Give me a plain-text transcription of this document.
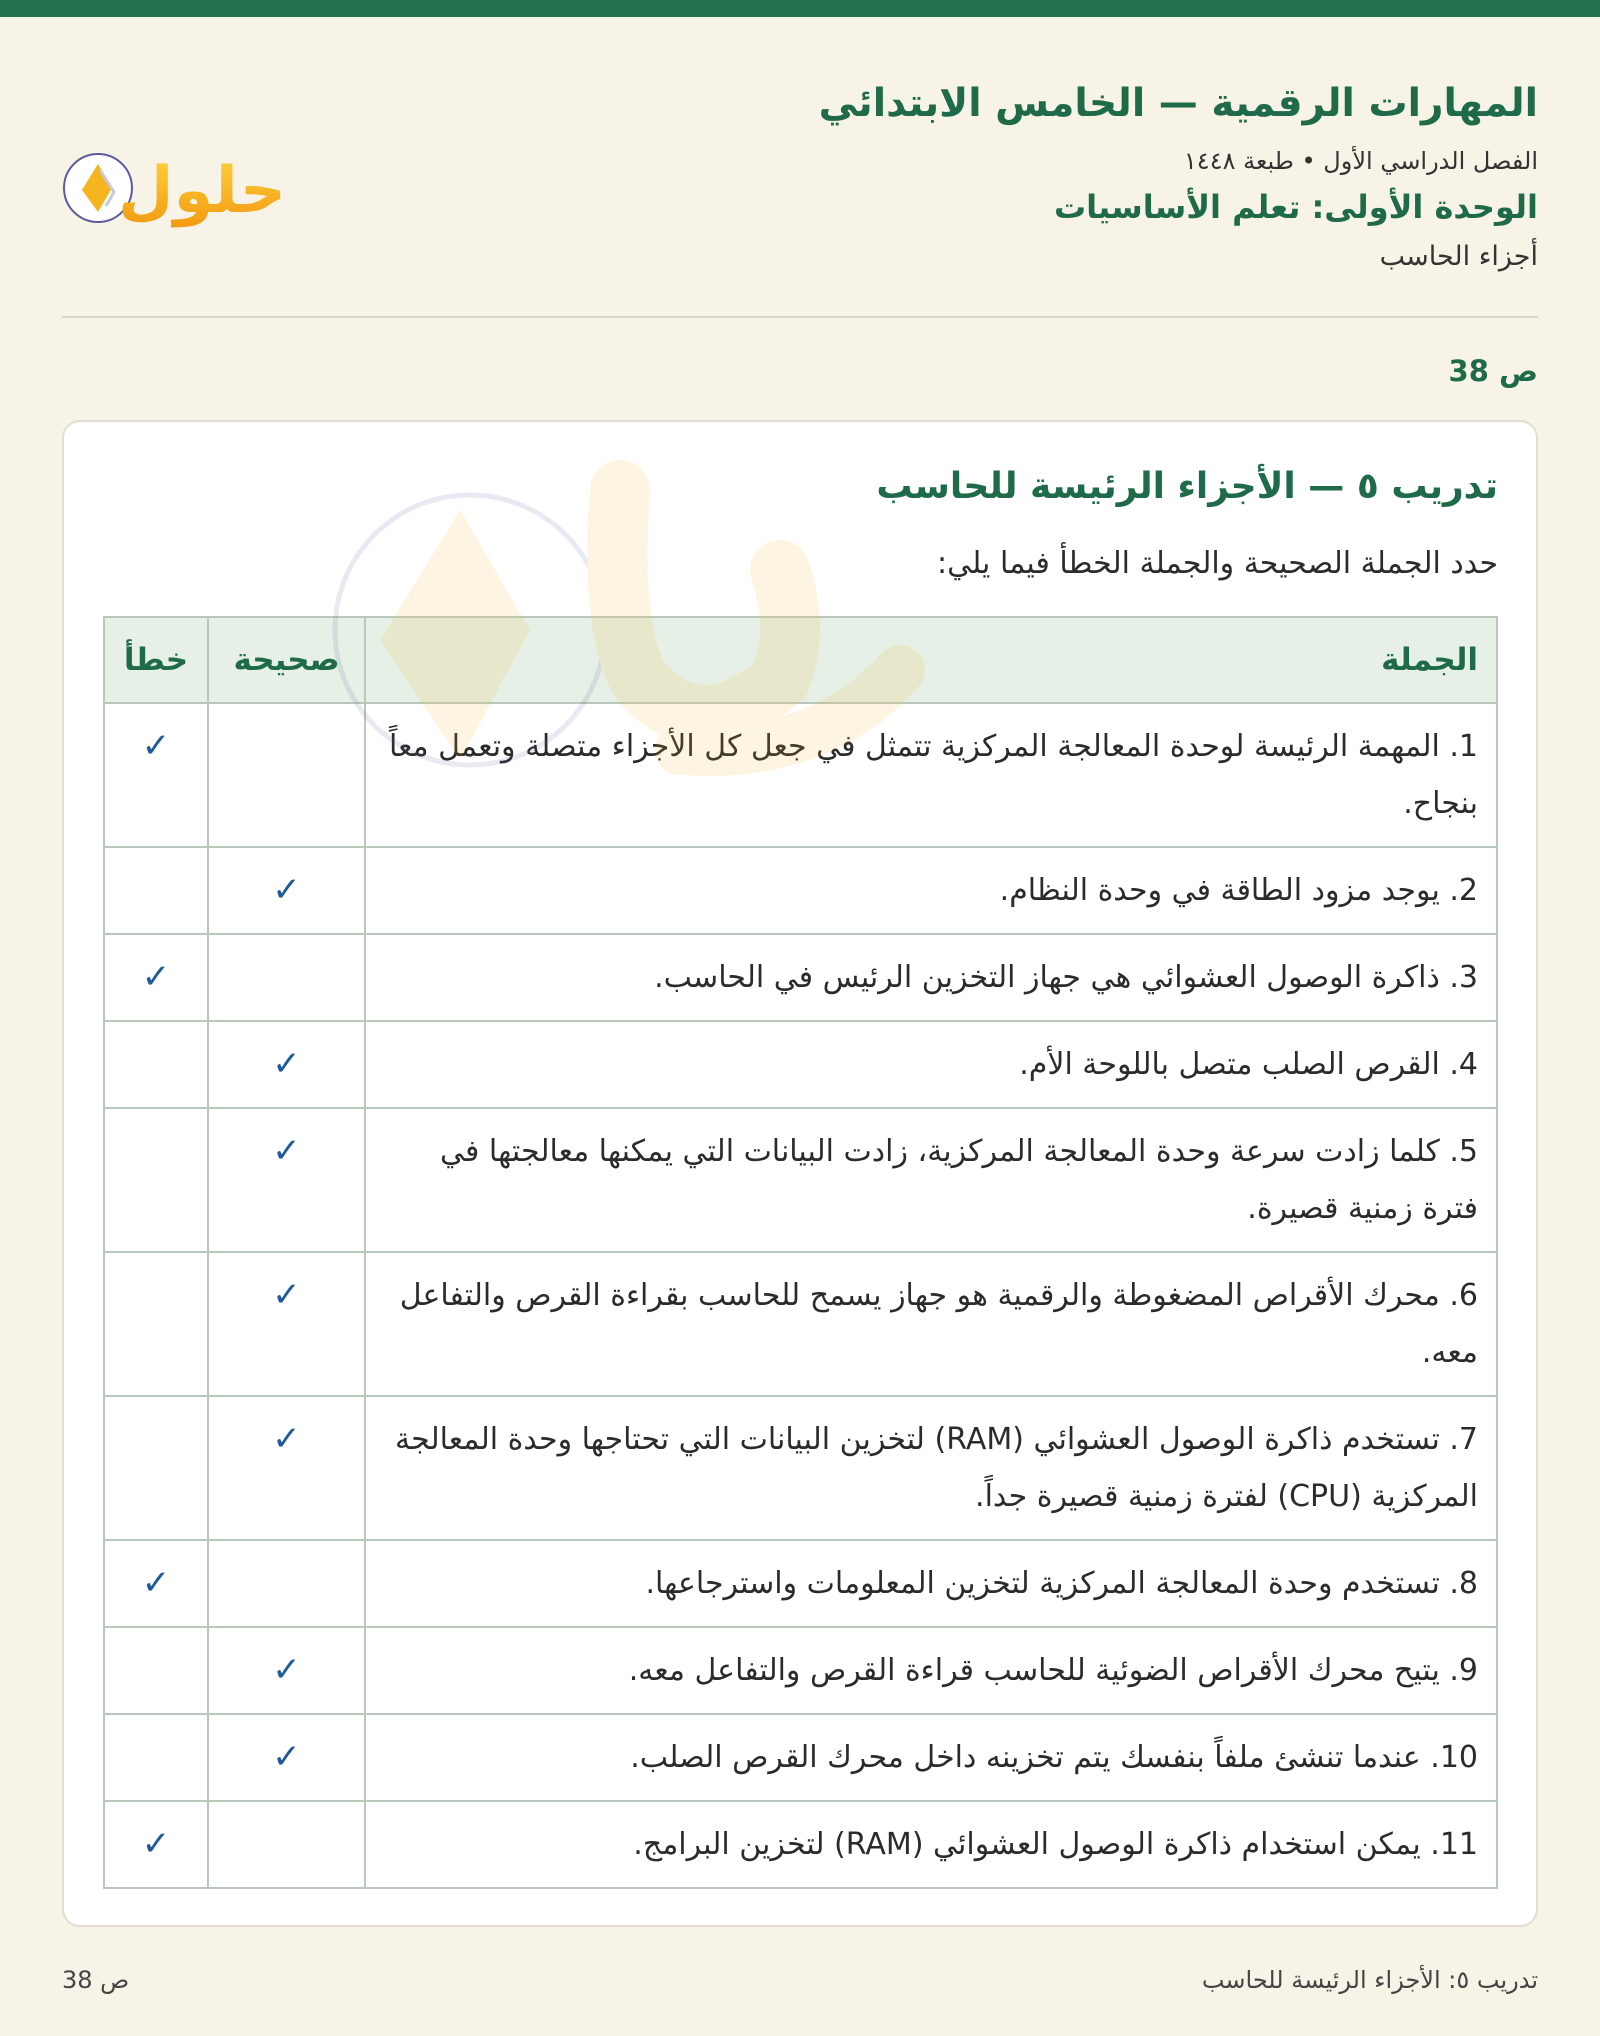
المهارات الرقمية — الخامس الابتدائي
الفصل الدراسي الأول • طبعة ١٤٤٨
الوحدة الأولى: تعلم الأساسيات
أجزاء الحاسب
حلول
ص 38
تدريب ٥ — الأجزاء الرئيسة للحاسب
حدد الجملة الصحيحة والجملة الخطأ فيما يلي:
الجملة	صحيحة	خطأ
1. المهمة الرئيسة لوحدة المعالجة المركزية تتمثل في جعل كل الأجزاء متصلة وتعمل معاً بنجاح.		✓
2. يوجد مزود الطاقة في وحدة النظام.	✓	
3. ذاكرة الوصول العشوائي هي جهاز التخزين الرئيس في الحاسب.		✓
4. القرص الصلب متصل باللوحة الأم.	✓	
5. كلما زادت سرعة وحدة المعالجة المركزية، زادت البيانات التي يمكنها معالجتها في فترة زمنية قصيرة.	✓	
6. محرك الأقراص المضغوطة والرقمية هو جهاز يسمح للحاسب بقراءة القرص والتفاعل معه.	✓	
7. تستخدم ذاكرة الوصول العشوائي (RAM) لتخزين البيانات التي تحتاجها وحدة المعالجة المركزية (CPU) لفترة زمنية قصيرة جداً.	✓	
8. تستخدم وحدة المعالجة المركزية لتخزين المعلومات واسترجاعها.		✓
9. يتيح محرك الأقراص الضوئية للحاسب قراءة القرص والتفاعل معه.	✓	
10. عندما تنشئ ملفاً بنفسك يتم تخزينه داخل محرك القرص الصلب.	✓	
11. يمكن استخدام ذاكرة الوصول العشوائي (RAM) لتخزين البرامج.		✓
تدريب ٥: الأجزاء الرئيسة للحاسب
ص 38
